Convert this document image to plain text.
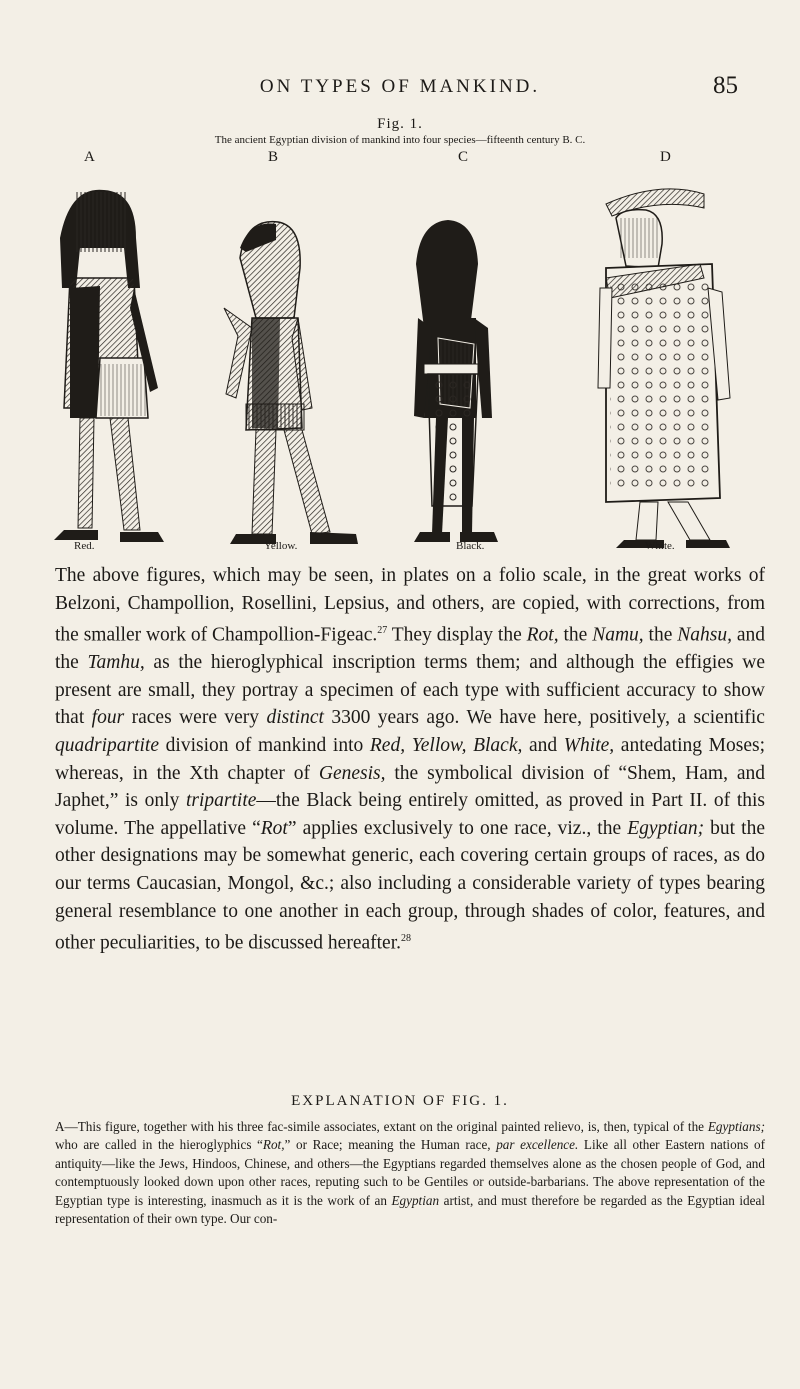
ON TYPES OF MANKIND.	85
Fig. 1.
The ancient Egyptian division of mankind into four species—fifteenth century B. C.
A	B	C	D
Red.	Yellow.	Black.	White.

The above figures, which may be seen, in plates on a folio scale, in the great works of Belzoni, Champollion, Rosellini, Lepsius, and others, are copied, with corrections, from the smaller work of Champollion-Figeac.$^{27}$ They display the Rot, the Namu, the Nahsu, and the Tamhu, as the hieroglyphical inscription terms them; and although the effigies we present are small, they portray a specimen of each type with sufficient accuracy to show that four races were very distinct 3300 years ago. We have here, positively, a scientific quadripartite division of mankind into Red, Yellow, Black, and White, antedating Moses; whereas, in the Xth chapter of Genesis, the symbolical division of “Shem, Ham, and Japhet,” is only tripartite—the Black being entirely omitted, as proved in Part II. of this volume. The appellative “Rot” applies exclusively to one race, viz., the Egyptian; but the other designations may be somewhat generic, each covering certain groups of races, as do our terms Caucasian, Mongol, &c.; also including a considerable variety of types bearing general resemblance to one another in each group, through shades of color, features, and other peculiarities, to be discussed hereafter.$^{28}$

EXPLANATION OF FIG. 1.

A—This figure, together with his three fac-simile associates, extant on the original painted relievo, is, then, typical of the Egyptians; who are called in the hieroglyphics “Rot,” or Race; meaning the Human race, par excellence. Like all other Eastern nations of antiquity—like the Jews, Hindoos, Chinese, and others—the Egyptians regarded themselves alone as the chosen people of God, and contemptuously looked down upon other races, reputing such to be Gentiles or outside-barbarians. The above representation of the Egyptian type is interesting, inasmuch as it is the work of an Egyptian artist, and must therefore be regarded as the Egyptian ideal representation of their own type. Our con-
